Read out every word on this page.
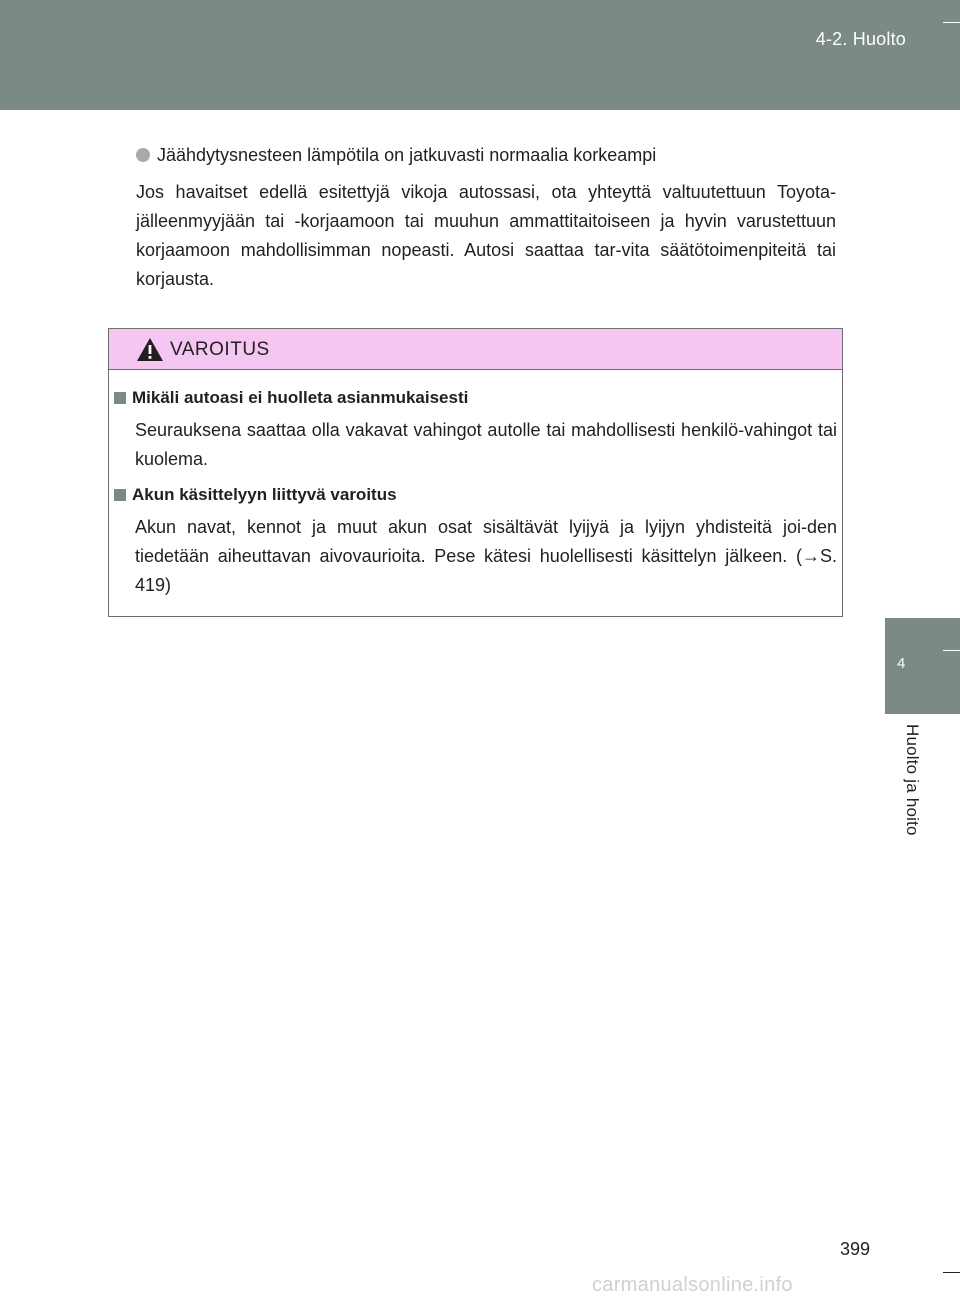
4-2. Huolto
4
Huolto ja hoito
Jäähdytysnesteen lämpötila on jatkuvasti normaalia korkeampi

Jos havaitset edellä esitettyjä vikoja autossasi, ota yhteyttä valtuutettuun Toyota-jälleenmyyjään tai -korjaamoon tai muuhun ammattitaitoiseen ja hyvin varustettuun korjaamoon mahdollisimman nopeasti. Autosi saattaa tar-vita säätötoimenpiteitä tai korjausta.

VAROITUS
Mikäli autoasi ei huolleta asianmukaisesti

Seurauksena saattaa olla vakavat vahingot autolle tai mahdollisesti henkilö-vahingot tai kuolema.

Akun käsittelyyn liittyvä varoitus

Akun navat, kennot ja muut akun osat sisältävät lyijyä ja lyijyn yhdisteitä joi-den tiedetään aiheuttavan aivovaurioita. Pese kätesi huolellisesti käsittelyn jälkeen. (→S. 419)

399
carmanualsonline.info
